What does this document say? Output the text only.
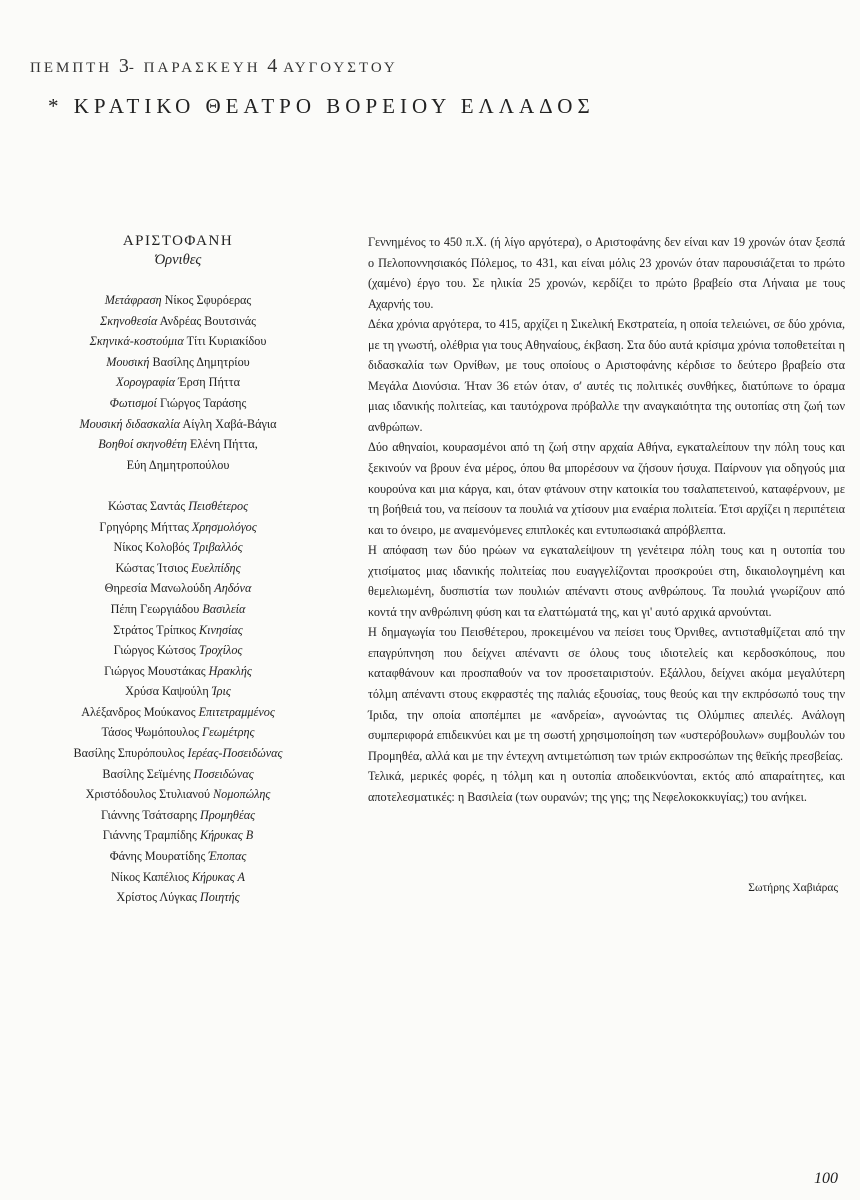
ΠΕΜΠΤΗ 3- ΠΑΡΑΣΚΕΥΗ 4 ΑΥΓΟΥΣΤΟΥ
* ΚΡΑΤΙΚΟ ΘΕΑΤΡΟ ΒΟΡΕΙΟΥ ΕΛΛΑΔΟΣ
ΑΡΙΣΤΟΦΑΝΗ
Όρνιθες
Μετάφραση Νίκος Σφυρόερας
Σκηνοθεσία Ανδρέας Βουτσινάς
Σκηνικά-κοστούμια Τίτι Κυριακίδου
Μουσική Βασίλης Δημητρίου
Χορογραφία Έρση Πήττα
Φωτισμοί Γιώργος Ταράσης
Μουσική διδασκαλία Αίγλη Χαβά-Βάγια
Βοηθοί σκηνοθέτη Ελένη Πήττα,
Εύη Δημητροπούλου
Κώστας Σαντάς Πεισθέτερος
Γρηγόρης Μήττας Χρησμολόγος
Νίκος Κολοβός Τριβαλλός
Κώστας Ίτσιος Ευελπίδης
Θηρεσία Μανωλούδη Αηδόνα
Πέπη Γεωργιάδου Βασιλεία
Στράτος Τρίπκος Κινησίας
Γιώργος Κώτσος Τροχίλος
Γιώργος Μουστάκας Ηρακλής
Χρύσα Καψούλη Ίρις
Αλέξανδρος Μούκανος Επιτετραμμένος
Τάσος Ψωμόπουλος Γεωμέτρης
Βασίλης Σπυρόπουλος Ιερέας-Ποσειδώνας
Βασίλης Σεϊμένης Ποσειδώνας
Χριστόδουλος Στυλιανού Νομοπώλης
Γιάννης Τσάτσαρης Προμηθέας
Γιάννης Τραμπίδης Κήρυκας Β
Φάνης Μουρατίδης Έποπας
Νίκος Καπέλιος Κήρυκας Α
Χρίστος Λύγκας Ποιητής

Γεννημένος το 450 π.Χ. (ή λίγο αργότερα), ο Αριστοφάνης δεν είναι καν 19 χρονών όταν ξεσπά ο Πελοποννησιακός Πόλεμος, το 431, και είναι μόλις 23 χρονών όταν παρουσιάζεται το πρώτο (χαμένο) έργο του. Σε ηλικία 25 χρονών, κερδίζει το πρώτο βραβείο στα Λήναια με τους Αχαρνής του.

Δέκα χρόνια αργότερα, το 415, αρχίζει η Σικελική Εκστρατεία, η οποία τελειώνει, σε δύο χρόνια, με τη γνωστή, ολέθρια για τους Αθηναίους, έκβαση. Στα δύο αυτά κρίσιμα χρόνια τοποθετείται η διδασκαλία των Ορνίθων, με τους οποίους ο Αριστοφάνης κέρδισε το δεύτερο βραβείο στα Μεγάλα Διονύσια. Ήταν 36 ετών όταν, σ' αυτές τις πολιτικές συνθήκες, διατύπωνε το όραμα μιας ιδανικής πολιτείας, και ταυτόχρονα πρόβαλλε την αναγκαιότητα της ουτοπίας στη ζωή των ανθρώπων.

Δύο αθηναίοι, κουρασμένοι από τη ζωή στην αρχαία Αθήνα, εγκαταλείπουν την πόλη τους και ξεκινούν να βρουν ένα μέρος, όπου θα μπορέσουν να ζήσουν ήσυχα. Παίρνουν για οδηγούς μια κουρούνα και μια κάργα, και, όταν φτάνουν στην κατοικία του τσαλαπετεινού, καταφέρνουν, με τη βοήθειά του, να πείσουν τα πουλιά να χτίσουν μια εναέρια πολιτεία. Έτσι αρχίζει η περιπέτεια και το όνειρο, με αναμενόμενες επιπλοκές και εντυπωσιακά απρόβλεπτα.

Η απόφαση των δύο ηρώων να εγκαταλείψουν τη γενέτειρα πόλη τους και η ουτοπία του χτισίματος μιας ιδανικής πολιτείας που ευαγγελίζονται προσκρούει στη, δικαιολογημένη και θεμελιωμένη, δυσπιστία των πουλιών απέναντι στους ανθρώπους. Τα πουλιά γνωρίζουν από κοντά την ανθρώπινη φύση και τα ελαττώματά της, και γι' αυτό αρχικά αρνούνται.

Η δημαγωγία του Πεισθέτερου, προκειμένου να πείσει τους Όρνιθες, αντισταθμίζεται από την επαγρύπνηση που δείχνει απέναντι σε όλους τους ιδιοτελείς και κερδοσκόπους, που καταφθάνουν και προσπαθούν να τον προσεταιριστούν. Εξάλλου, δείχνει ακόμα μεγαλύτερη τόλμη απέναντι στους εκφραστές της παλιάς εξουσίας, τους θεούς και την εκπρόσωπό τους την Ίριδα, την οποία αποπέμπει με «ανδρεία», αγνοώντας τις Ολύμπιες απειλές. Ανάλογη συμπεριφορά επιδεικνύει και με τη σωστή χρησιμοποίηση των «υστερόβουλων» συμβουλών του Προμηθέα, αλλά και με την έντεχνη αντιμετώπιση των τριών εκπροσώπων της θεϊκής πρεσβείας.

Τελικά, μερικές φορές, η τόλμη και η ουτοπία αποδεικνύονται, εκτός από απαραίτητες, και αποτελεσματικές: η Βασιλεία (των ουρανών; της γης; της Νεφελοκοκκυγίας;) του ανήκει.

Σωτήρης Χαβιάρας
100
